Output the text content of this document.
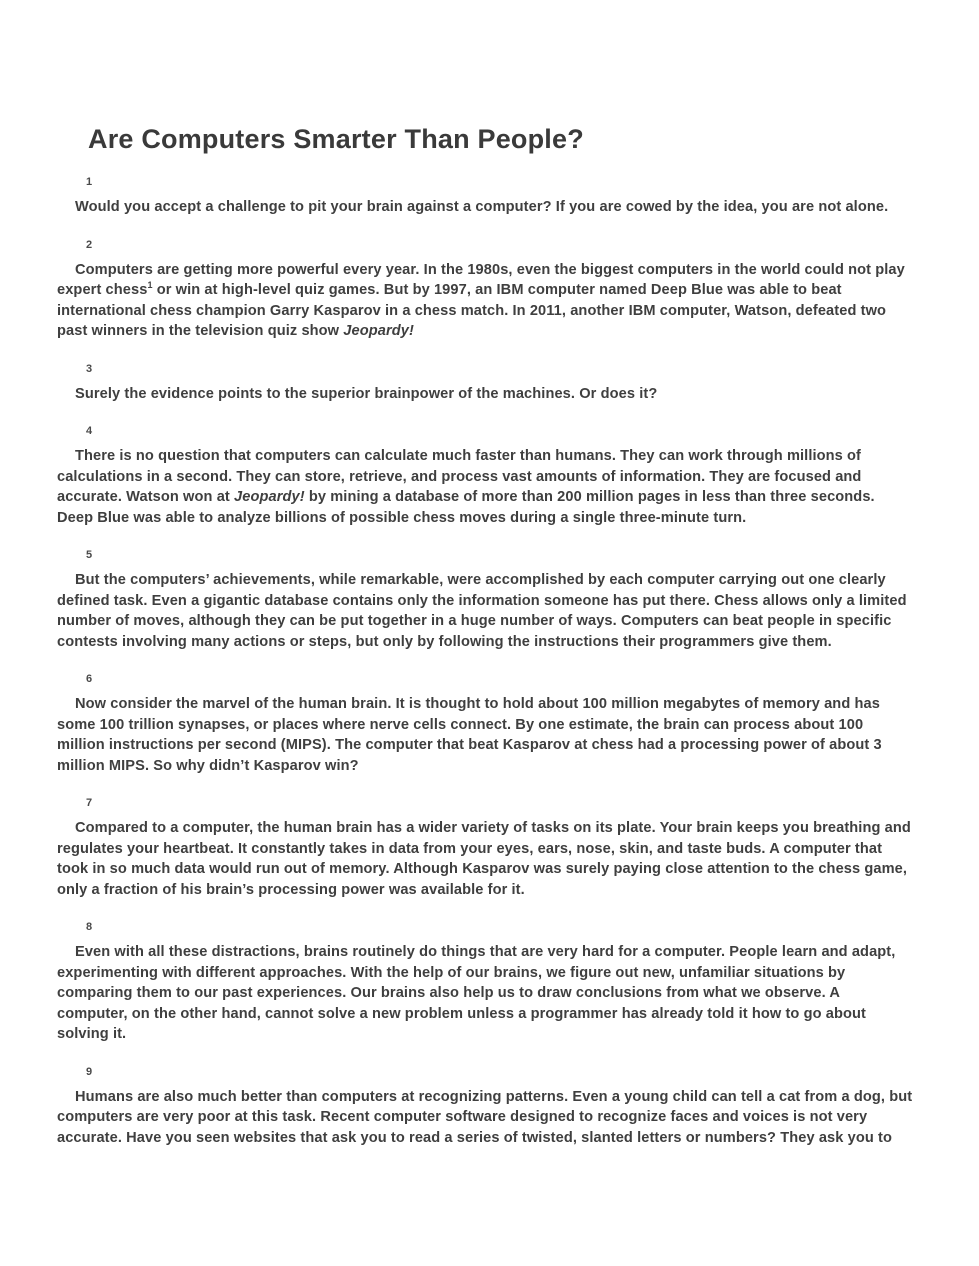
Are Computers Smarter Than People?
1

Would you accept a challenge to pit your brain against a computer? If you are cowed by the idea, you are not alone.

2

Computers are getting more powerful every year. In the 1980s, even the biggest computers in the world could not play expert chess$^1$ or win at high-level quiz games. But by 1997, an IBM computer named Deep Blue was able to beat international chess champion Garry Kasparov in a chess match. In 2011, another IBM computer, Watson, defeated two past winners in the television quiz show Jeopardy!

3

Surely the evidence points to the superior brainpower of the machines. Or does it?

4

There is no question that computers can calculate much faster than humans. They can work through millions of calculations in a second. They can store, retrieve, and process vast amounts of information. They are focused and accurate. Watson won at Jeopardy! by mining a database of more than 200 million pages in less than three seconds. Deep Blue was able to analyze billions of possible chess moves during a single three-minute turn.

5

But the computers’ achievements, while remarkable, were accomplished by each computer carrying out one clearly defined task. Even a gigantic database contains only the information someone has put there. Chess allows only a limited number of moves, although they can be put together in a huge number of ways. Computers can beat people in specific contests involving many actions or steps, but only by following the instructions their programmers give them.

6

Now consider the marvel of the human brain. It is thought to hold about 100 million megabytes of memory and has some 100 trillion synapses, or places where nerve cells connect. By one estimate, the brain can process about 100 million instructions per second (MIPS). The computer that beat Kasparov at chess had a processing power of about 3 million MIPS. So why didn’t Kasparov win?

7

Compared to a computer, the human brain has a wider variety of tasks on its plate. Your brain keeps you breathing and regulates your heartbeat. It constantly takes in data from your eyes, ears, nose, skin, and taste buds. A computer that took in so much data would run out of memory. Although Kasparov was surely paying close attention to the chess game, only a fraction of his brain’s processing power was available for it.

8

Even with all these distractions, brains routinely do things that are very hard for a computer. People learn and adapt, experimenting with different approaches. With the help of our brains, we figure out new, unfamiliar situations by comparing them to our past experiences. Our brains also help us to draw conclusions from what we observe. A computer, on the other hand, cannot solve a new problem unless a programmer has already told it how to go about solving it.

9

Humans are also much better than computers at recognizing patterns. Even a young child can tell a cat from a dog, but computers are very poor at this task. Recent computer software designed to recognize faces and voices is not very accurate. Have you seen websites that ask you to read a series of twisted, slanted letters or numbers? They ask you to
